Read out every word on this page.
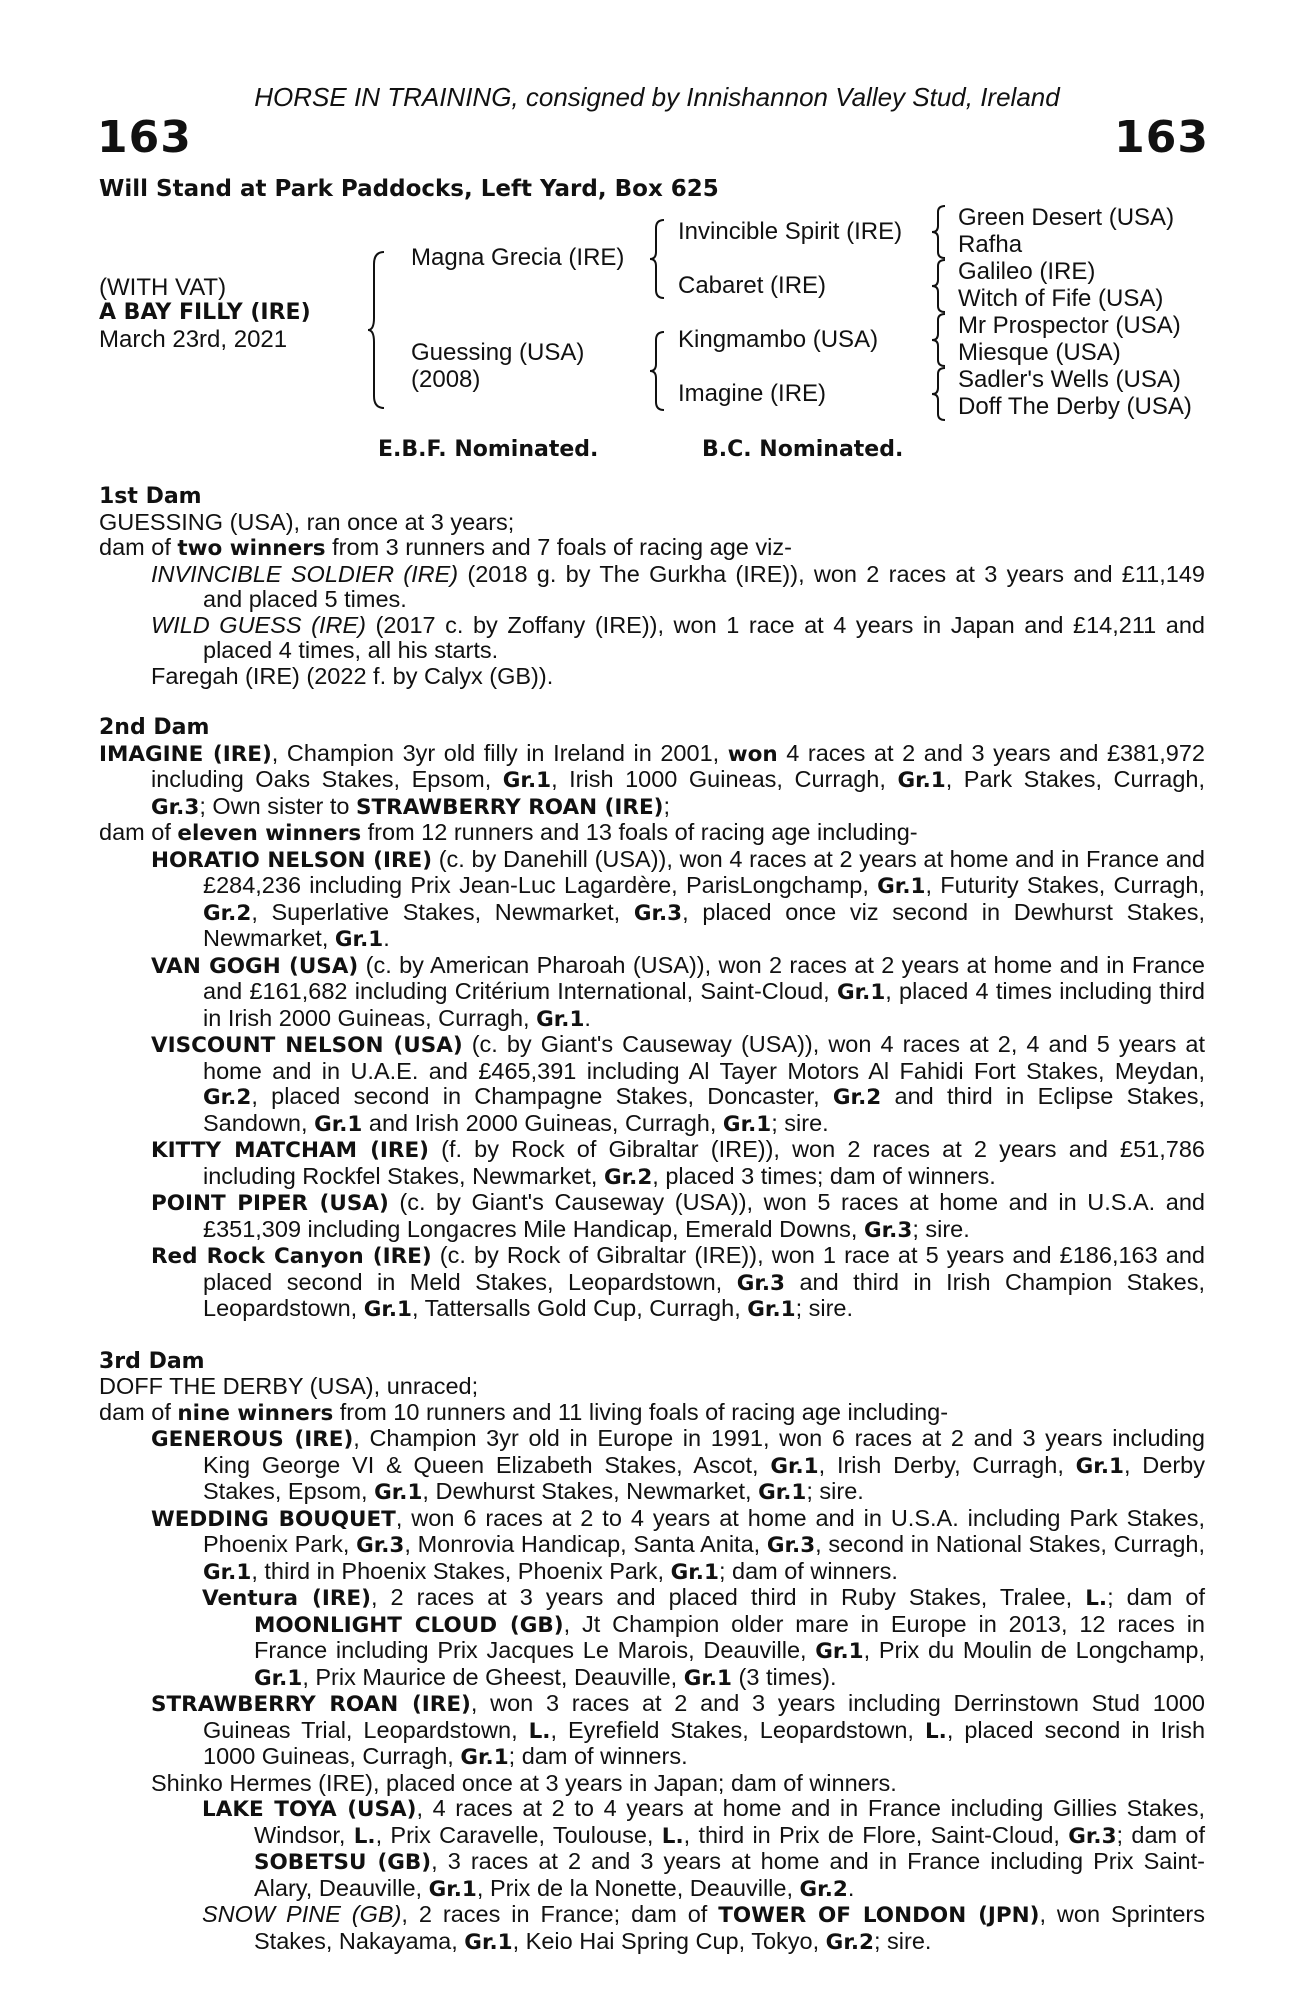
HORSE IN TRAINING, consigned by Innishannon Valley Stud, Ireland
163	163
Will Stand at Park Paddocks, Left Yard, Box 625
(WITH VAT)
A BAY FILLY (IRE)
March 23rd, 2021
Magna Grecia (IRE)
Guessing (USA)
(2008)
Invincible Spirit (IRE)
Cabaret (IRE)
Kingmambo (USA)
Imagine (IRE)
Green Desert (USA)
Rafha
Galileo (IRE)
Witch of Fife (USA)
Mr Prospector (USA)
Miesque (USA)
Sadler's Wells (USA)
Doff The Derby (USA)
E.B.F. Nominated.	B.C. Nominated.

1st Dam

GUESSING (USA), ran once at 3 years;

dam of two winners from 3 runners and 7 foals of racing age viz-

INVINCIBLE SOLDIER (IRE) (2018 g. by The Gurkha (IRE)), won 2 races at 3 years and £11,149 and placed 5 times.

WILD GUESS (IRE) (2017 c. by Zoffany (IRE)), won 1 race at 4 years in Japan and £14,211 and placed 4 times, all his starts.

Faregah (IRE) (2022 f. by Calyx (GB)).

2nd Dam

IMAGINE (IRE), Champion 3yr old filly in Ireland in 2001, won 4 races at 2 and 3 years and £381,972 including Oaks Stakes, Epsom, Gr.1, Irish 1000 Guineas, Curragh, Gr.1, Park Stakes, Curragh, Gr.3; Own sister to STRAWBERRY ROAN (IRE);

dam of eleven winners from 12 runners and 13 foals of racing age including-

HORATIO NELSON (IRE) (c. by Danehill (USA)), won 4 races at 2 years at home and in France and £284,236 including Prix Jean-Luc Lagardère, ParisLongchamp, Gr.1, Futurity Stakes, Curragh, Gr.2, Superlative Stakes, Newmarket, Gr.3, placed once viz second in Dewhurst Stakes, Newmarket, Gr.1.

VAN GOGH (USA) (c. by American Pharoah (USA)), won 2 races at 2 years at home and in France and £161,682 including Critérium International, Saint-Cloud, Gr.1, placed 4 times including third in Irish 2000 Guineas, Curragh, Gr.1.

VISCOUNT NELSON (USA) (c. by Giant's Causeway (USA)), won 4 races at 2, 4 and 5 years at home and in U.A.E. and £465,391 including Al Tayer Motors Al Fahidi Fort Stakes, Meydan, Gr.2, placed second in Champagne Stakes, Doncaster, Gr.2 and third in Eclipse Stakes, Sandown, Gr.1 and Irish 2000 Guineas, Curragh, Gr.1; sire.

KITTY MATCHAM (IRE) (f. by Rock of Gibraltar (IRE)), won 2 races at 2 years and £51,786 including Rockfel Stakes, Newmarket, Gr.2, placed 3 times; dam of winners.

POINT PIPER (USA) (c. by Giant's Causeway (USA)), won 5 races at home and in U.S.A. and £351,309 including Longacres Mile Handicap, Emerald Downs, Gr.3; sire.

Red Rock Canyon (IRE) (c. by Rock of Gibraltar (IRE)), won 1 race at 5 years and £186,163 and placed second in Meld Stakes, Leopardstown, Gr.3 and third in Irish Champion Stakes, Leopardstown, Gr.1, Tattersalls Gold Cup, Curragh, Gr.1; sire.

3rd Dam

DOFF THE DERBY (USA), unraced;

dam of nine winners from 10 runners and 11 living foals of racing age including-

GENEROUS (IRE), Champion 3yr old in Europe in 1991, won 6 races at 2 and 3 years including King George VI & Queen Elizabeth Stakes, Ascot, Gr.1, Irish Derby, Curragh, Gr.1, Derby Stakes, Epsom, Gr.1, Dewhurst Stakes, Newmarket, Gr.1; sire.

WEDDING BOUQUET, won 6 races at 2 to 4 years at home and in U.S.A. including Park Stakes, Phoenix Park, Gr.3, Monrovia Handicap, Santa Anita, Gr.3, second in National Stakes, Curragh, Gr.1, third in Phoenix Stakes, Phoenix Park, Gr.1; dam of winners.

Ventura (IRE), 2 races at 3 years and placed third in Ruby Stakes, Tralee, L.; dam of MOONLIGHT CLOUD (GB), Jt Champion older mare in Europe in 2013, 12 races in France including Prix Jacques Le Marois, Deauville, Gr.1, Prix du Moulin de Longchamp, Gr.1, Prix Maurice de Gheest, Deauville, Gr.1 (3 times).

STRAWBERRY ROAN (IRE), won 3 races at 2 and 3 years including Derrinstown Stud 1000 Guineas Trial, Leopardstown, L., Eyrefield Stakes, Leopardstown, L., placed second in Irish 1000 Guineas, Curragh, Gr.1; dam of winners.

Shinko Hermes (IRE), placed once at 3 years in Japan; dam of winners.

LAKE TOYA (USA), 4 races at 2 to 4 years at home and in France including Gillies Stakes, Windsor, L., Prix Caravelle, Toulouse, L., third in Prix de Flore, Saint-Cloud, Gr.3; dam of SOBETSU (GB), 3 races at 2 and 3 years at home and in France including Prix Saint-Alary, Deauville, Gr.1, Prix de la Nonette, Deauville, Gr.2.

SNOW PINE (GB), 2 races in France; dam of TOWER OF LONDON (JPN), won Sprinters Stakes, Nakayama, Gr.1, Keio Hai Spring Cup, Tokyo, Gr.2; sire.
